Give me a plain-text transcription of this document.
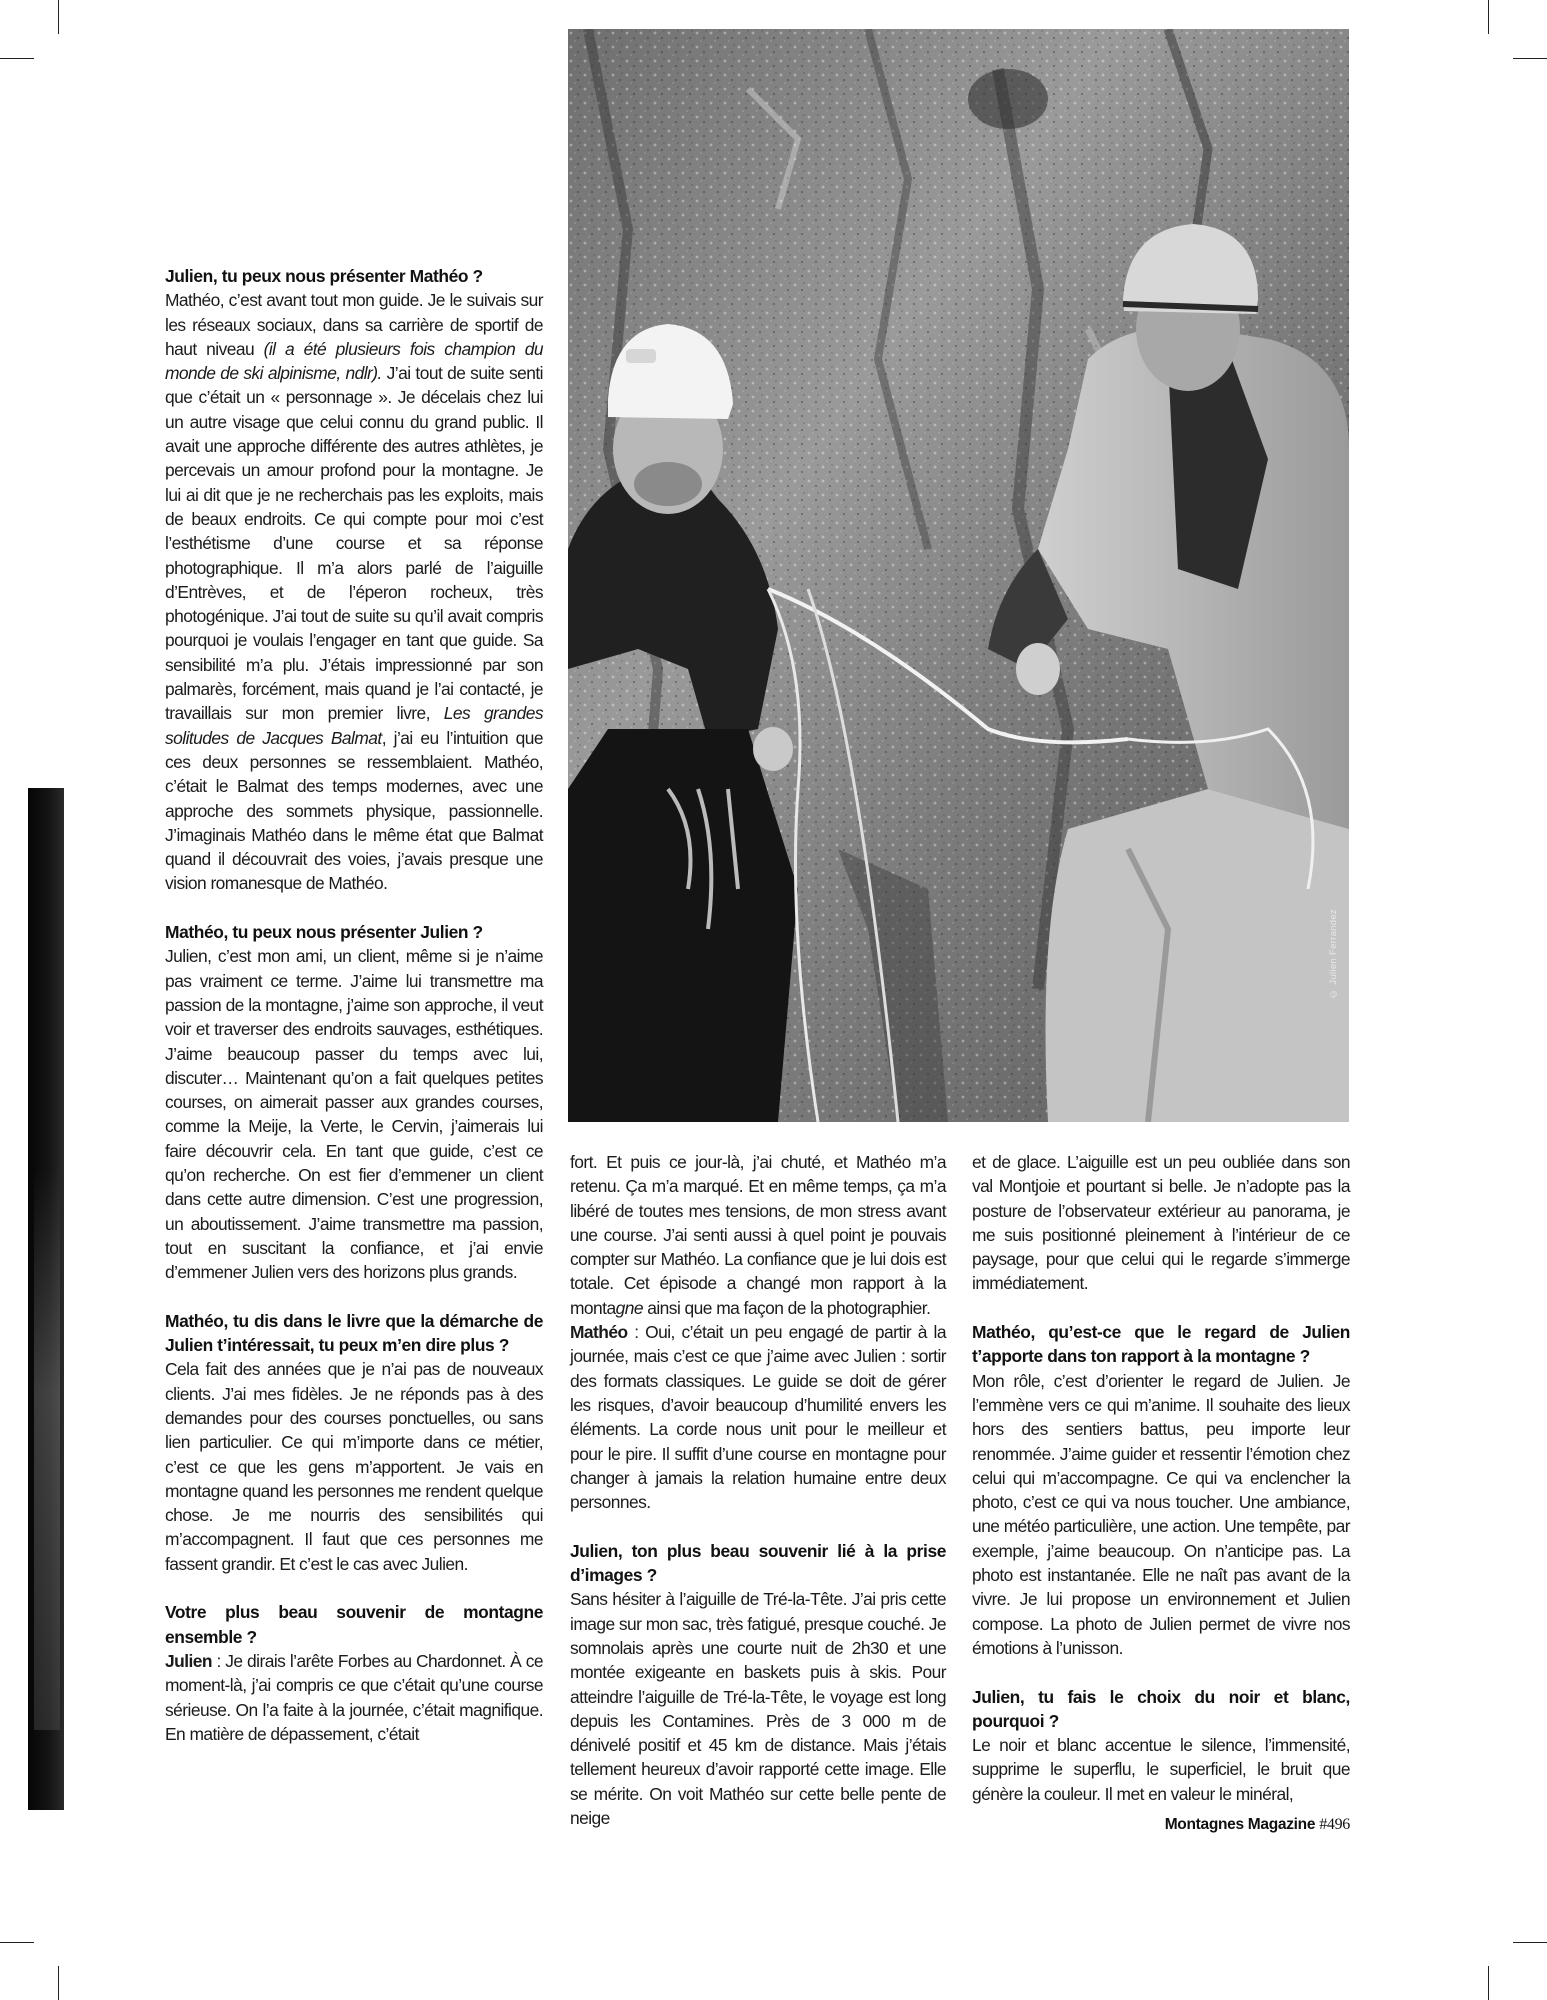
© Julien Ferrandez
Julien, tu peux nous présenter Mathéo ?

Mathéo, c’est avant tout mon guide. Je le suivais sur les réseaux sociaux, dans sa carrière de sportif de haut niveau (il a été plusieurs fois champion du monde de ski alpinisme, ndlr). J’ai tout de suite senti que c’était un « personnage ». Je décelais chez lui un autre visage que celui connu du grand public. Il avait une approche différente des autres athlètes, je percevais un amour profond pour la montagne. Je lui ai dit que je ne recherchais pas les exploits, mais de beaux endroits. Ce qui compte pour moi c’est l’esthétisme d’une course et sa réponse photographique. Il m’a alors parlé de l’aiguille d’Entrèves, et de l’éperon rocheux, très photogénique. J’ai tout de suite su qu’il avait compris pourquoi je voulais l’engager en tant que guide. Sa sensibilité m’a plu. J’étais impressionné par son palmarès, forcément, mais quand je l’ai contacté, je travaillais sur mon premier livre, Les grandes solitudes de Jacques Balmat, j’ai eu l’intuition que ces deux personnes se ressemblaient. Mathéo, c’était le Balmat des temps modernes, avec une approche des sommets physique, passionnelle. J’imaginais Mathéo dans le même état que Balmat quand il découvrait des voies, j’avais presque une vision romanesque de Mathéo.

Mathéo, tu peux nous présenter Julien ?

Julien, c’est mon ami, un client, même si je n’aime pas vraiment ce terme. J’aime lui transmettre ma passion de la montagne, j’aime son approche, il veut voir et traverser des endroits sauvages, esthétiques. J’aime beaucoup passer du temps avec lui, discuter… Maintenant qu’on a fait quelques petites courses, on aimerait passer aux grandes courses, comme la Meije, la Verte, le Cervin, j’aimerais lui faire découvrir cela. En tant que guide, c’est ce qu’on recherche. On est fier d’emmener un client dans cette autre dimension. C’est une progression, un aboutissement. J’aime transmettre ma passion, tout en suscitant la confiance, et j’ai envie d’emmener Julien vers des horizons plus grands.

Mathéo, tu dis dans le livre que la démarche de Julien t’intéressait, tu peux m’en dire plus ?

Cela fait des années que je n’ai pas de nouveaux clients. J’ai mes fidèles. Je ne réponds pas à des demandes pour des courses ponctuelles, ou sans lien particulier. Ce qui m’importe dans ce métier, c’est ce que les gens m’apportent. Je vais en montagne quand les personnes me rendent quelque chose. Je me nourris des sensibilités qui m’accompagnent. Il faut que ces personnes me fassent grandir. Et c’est le cas avec Julien.

Votre plus beau souvenir de montagne ensemble ?

Julien : Je dirais l’arête Forbes au Chardonnet. À ce moment-là, j’ai compris ce que c’était qu’une course sérieuse. On l’a faite à la journée, c’était magnifique. En matière de dépassement, c’était

fort. Et puis ce jour-là, j’ai chuté, et Mathéo m’a retenu. Ça m’a marqué. Et en même temps, ça m’a libéré de toutes mes tensions, de mon stress avant une course. J’ai senti aussi à quel point je pouvais compter sur Mathéo. La confiance que je lui dois est totale. Cet épisode a changé mon rapport à la montagne ainsi que ma façon de la photographier.

Mathéo : Oui, c’était un peu engagé de partir à la journée, mais c’est ce que j’aime avec Julien : sortir des formats classiques. Le guide se doit de gérer les risques, d’avoir beaucoup d’humilité envers les éléments. La corde nous unit pour le meilleur et pour le pire. Il suffit d’une course en montagne pour changer à jamais la relation humaine entre deux personnes.

Julien, ton plus beau souvenir lié à la prise d’images ?

Sans hésiter à l’aiguille de Tré-la-Tête. J’ai pris cette image sur mon sac, très fatigué, presque couché. Je somnolais après une courte nuit de 2h30 et une montée exigeante en baskets puis à skis. Pour atteindre l’aiguille de Tré-la-Tête, le voyage est long depuis les Contamines. Près de 3 000 m de dénivelé positif et 45 km de distance. Mais j’étais tellement heureux d’avoir rapporté cette image. Elle se mérite. On voit Mathéo sur cette belle pente de neige

et de glace. L’aiguille est un peu oubliée dans son val Montjoie et pourtant si belle. Je n’adopte pas la posture de l’observateur extérieur au panorama, je me suis positionné pleinement à l’intérieur de ce paysage, pour que celui qui le regarde s’immerge immédiatement.

Mathéo, qu’est-ce que le regard de Julien t’apporte dans ton rapport à la montagne ?

Mon rôle, c’est d’orienter le regard de Julien. Je l’emmène vers ce qui m’anime. Il souhaite des lieux hors des sentiers battus, peu importe leur renommée. J’aime guider et ressentir l’émotion chez celui qui m’accompagne. Ce qui va enclencher la photo, c’est ce qui va nous toucher. Une ambiance, une météo particulière, une action. Une tempête, par exemple, j’aime beaucoup. On n’anticipe pas. La photo est instantanée. Elle ne naît pas avant de la vivre. Je lui propose un environnement et Julien compose. La photo de Julien permet de vivre nos émotions à l’unisson.

Julien, tu fais le choix du noir et blanc, pourquoi ?

Le noir et blanc accentue le silence, l’immensité, supprime le superflu, le superficiel, le bruit que génère la couleur. Il met en valeur le minéral,

Montagnes Magazine #496
